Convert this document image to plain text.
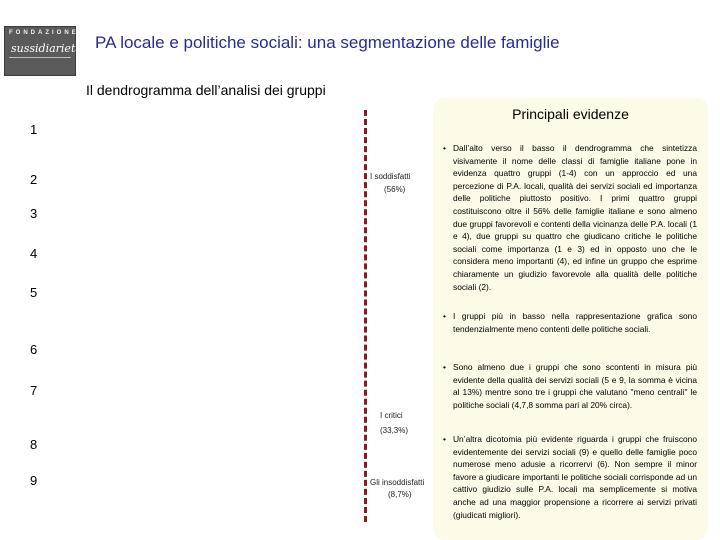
FONDAZIONE
sussidiarietà PA locale e politiche sociali: una segmentazione delle famiglie
Il dendrogramma dell’analisi dei gruppi
1
2
3
4
5
6
7
8
9
I soddisfatti
(56%)
I critici
(33,3%)
Gli insoddisfatti
(8,7%)
Principali evidenze
• Dall’alto verso il basso il dendrogramma che sintetizza visivamente il nome delle classi di famiglie italiane pone in evidenza quattro gruppi (1-4) con un approccio ed una percezione di P.A. locali, qualità dei servizi sociali ed importanza delle politiche piuttosto positivo. I primi quattro gruppi costituiscono oltre il 56% delle famiglie italiane e sono almeno due gruppi favorevoli e contenti della vicinanza delle P.A. locali (1 e 4), due gruppi su quattro che giudicano critiche le politiche sociali come importanza (1 e 3) ed in opposto uno che le considera meno importanti (4), ed infine un gruppo che esprime chiaramente un giudizio favorevole alla qualità delle politiche sociali (2).
• I gruppi più in basso nella rappresentazione grafica sono tendenzialmente meno contenti delle politiche sociali.
• Sono almeno due i gruppi che sono scontenti in misura più evidente della qualità dei servizi sociali (5 e 9, la somma è vicina al 13%) mentre sono tre i gruppi che valutano "meno centrali" le politiche sociali (4,7,8 somma pari al 20% circa).
• Un’altra dicotomia più evidente riguarda i gruppi che fruiscono evidentemente dei servizi sociali (9) e quello delle famiglie poco numerose meno adusie a ricorrervi (6). Non sempre il minor favore a giudicare importanti le politiche sociali corrisponde ad un cattivo giudizio sulle P.A. locali ma semplicemente si motiva anche ad una maggior propensione a ricorrere ai servizi privati (giudicati migliori).
